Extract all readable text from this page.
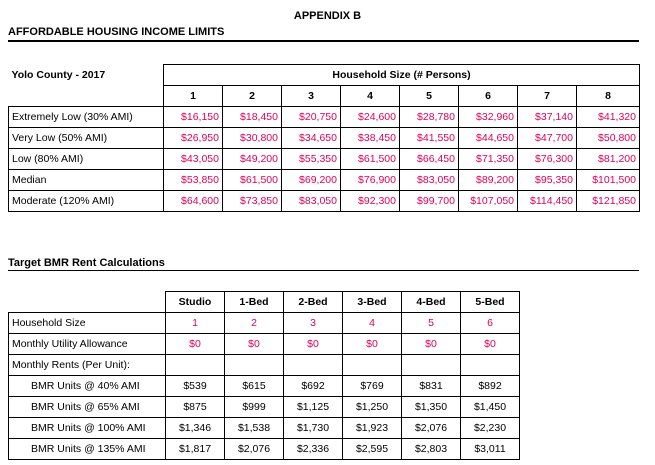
APPENDIX B
AFFORDABLE HOUSING INCOME LIMITS
Yolo County - 2017	Household Size (# Persons)							
	1	2	3	4	5	6	7	8
Extremely Low (30% AMI)	$16,150	$18,450	$20,750	$24,600	$28,780	$32,960	$37,140	$41,320
Very Low (50% AMI)	$26,950	$30,800	$34,650	$38,450	$41,550	$44,650	$47,700	$50,800
Low (80% AMI)	$43,050	$49,200	$55,350	$61,500	$66,450	$71,350	$76,300	$81,200
Median	$53,850	$61,500	$69,200	$76,900	$83,050	$89,200	$95,350	$101,500
Moderate (120% AMI)	$64,600	$73,850	$83,050	$92,300	$99,700	$107,050	$114,450	$121,850
Target BMR Rent Calculations
	Studio	1-Bed	2-Bed	3-Bed	4-Bed	5-Bed
Household Size	1	2	3	4	5	6
Monthly Utility Allowance	$0	$0	$0	$0	$0	$0
Monthly Rents (Per Unit):						
BMR Units @ 40% AMI	$539	$615	$692	$769	$831	$892
BMR Units @ 65% AMI	$875	$999	$1,125	$1,250	$1,350	$1,450
BMR Units @ 100% AMI	$1,346	$1,538	$1,730	$1,923	$2,076	$2,230
BMR Units @ 135% AMI	$1,817	$2,076	$2,336	$2,595	$2,803	$3,011
